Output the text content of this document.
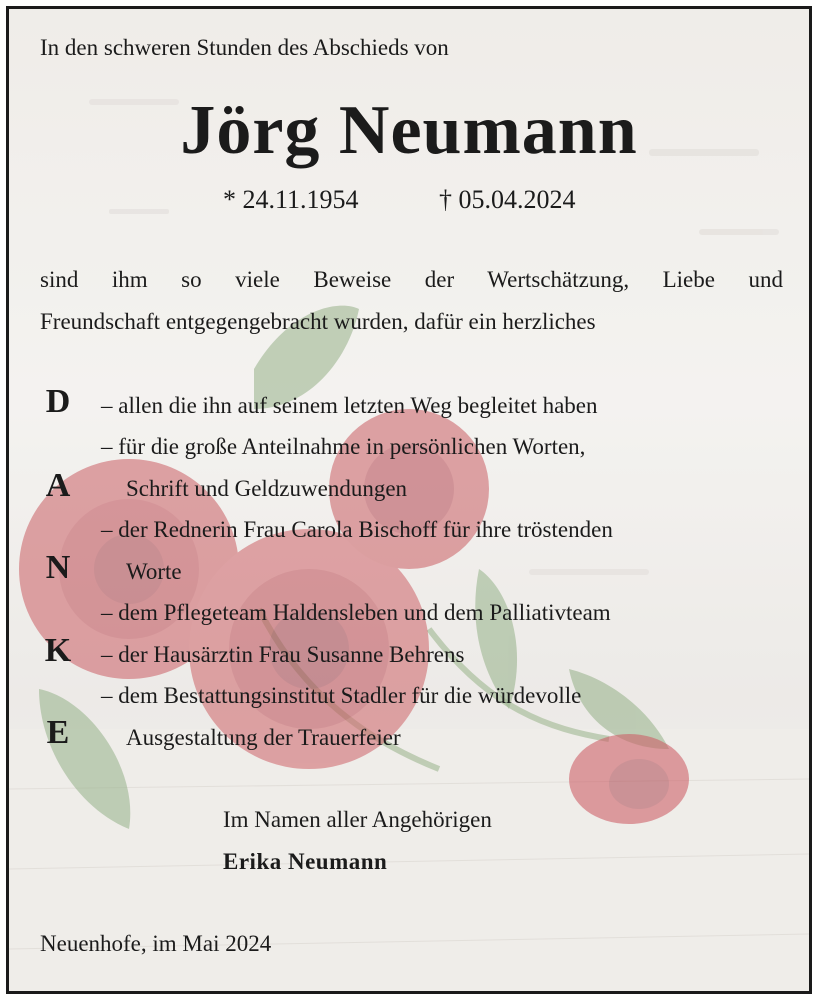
In den schweren Stunden des Abschieds von
Jörg Neumann
* 24.11.1954	† 05.04.2024
sind ihm so viele Beweise der Wertschätzung, Liebe und
Freundschaft entgegengebracht wurden, dafür ein herzliches
D
A
N
K
E
– allen die ihn auf seinem letzten Weg begleitet haben
– für die große Anteilnahme in persönlichen Worten,
Schrift und Geldzuwendungen
– der Rednerin Frau Carola Bischoff für ihre tröstenden
Worte
– dem Pflegeteam Haldensleben und dem Palliativteam
– der Hausärztin Frau Susanne Behrens
– dem Bestattungsinstitut Stadler für die würdevolle
Ausgestaltung der Trauerfeier
Im Namen aller Angehörigen
Erika Neumann
Neuenhofe, im Mai 2024
